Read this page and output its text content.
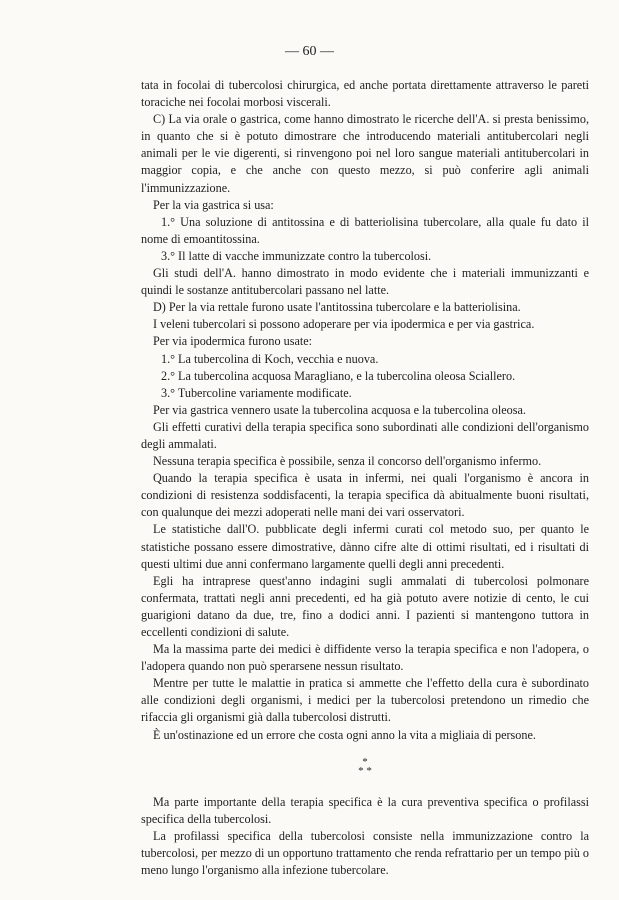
— 60 —

tata in focolai di tubercolosi chirurgica, ed anche portata direttamente attraverso le pareti toraciche nei focolai morbosi viscerali.

C) La via orale o gastrica, come hanno dimostrato le ricerche dell'A. si presta benissimo, in quanto che si è potuto dimostrare che introducendo materiali antitubercolari negli animali per le vie digerenti, si rinvengono poi nel loro sangue materiali antitubercolari in maggior copia, e che anche con questo mezzo, si può conferire agli animali l'immunizzazione.

Per la via gastrica si usa:

1.° Una soluzione di antitossina e di batteriolisina tubercolare, alla quale fu dato il nome di emoantitossina.

3.° Il latte di vacche immunizzate contro la tubercolosi.

Gli studi dell'A. hanno dimostrato in modo evidente che i materiali immunizzanti e quindi le sostanze antitubercolari passano nel latte.

D) Per la via rettale furono usate l'antitossina tubercolare e la batteriolisina.

I veleni tubercolari si possono adoperare per via ipodermica e per via gastrica.

Per via ipodermica furono usate:

1.° La tubercolina di Koch, vecchia e nuova.

2.° La tubercolina acquosa Maragliano, e la tubercolina oleosa Sciallero.

3.° Tubercoline variamente modificate.

Per via gastrica vennero usate la tubercolina acquosa e la tubercolina oleosa.

Gli effetti curativi della terapia specifica sono subordinati alle condizioni dell'organismo degli ammalati.

Nessuna terapia specifica è possibile, senza il concorso dell'organismo infermo.

Quando la terapia specifica è usata in infermi, nei quali l'organismo è ancora in condizioni di resistenza soddisfacenti, la terapia specifica dà abitualmente buoni risultati, con qualunque dei mezzi adoperati nelle mani dei vari osservatori.

Le statistiche dall'O. pubblicate degli infermi curati col metodo suo, per quanto le statistiche possano essere dimostrative, dànno cifre alte di ottimi risultati, ed i risultati di questi ultimi due anni confermano largamente quelli degli anni precedenti.

Egli ha intraprese quest'anno indagini sugli ammalati di tubercolosi polmonare confermata, trattati negli anni precedenti, ed ha già potuto avere notizie di cento, le cui guarigioni datano da due, tre, fino a dodici anni. I pazienti si mantengono tuttora in eccellenti condizioni di salute.

Ma la massima parte dei medici è diffidente verso la terapia specifica e non l'adopera, o l'adopera quando non può sperarsene nessun risultato.

Mentre per tutte le malattie in pratica si ammette che l'effetto della cura è subordinato alle condizioni degli organismi, i medici per la tubercolosi pretendono un rimedio che rifaccia gli organismi già dalla tubercolosi distrutti.

È un'ostinazione ed un errore che costa ogni anno la vita a migliaia di persone.

*
* *

Ma parte importante della terapia specifica è la cura preventiva specifica o profilassi specifica della tubercolosi.

La profilassi specifica della tubercolosi consiste nella immunizzazione contro la tubercolosi, per mezzo di un opportuno trattamento che renda refrattario per un tempo più o meno lungo l'organismo alla infezione tubercolare.
